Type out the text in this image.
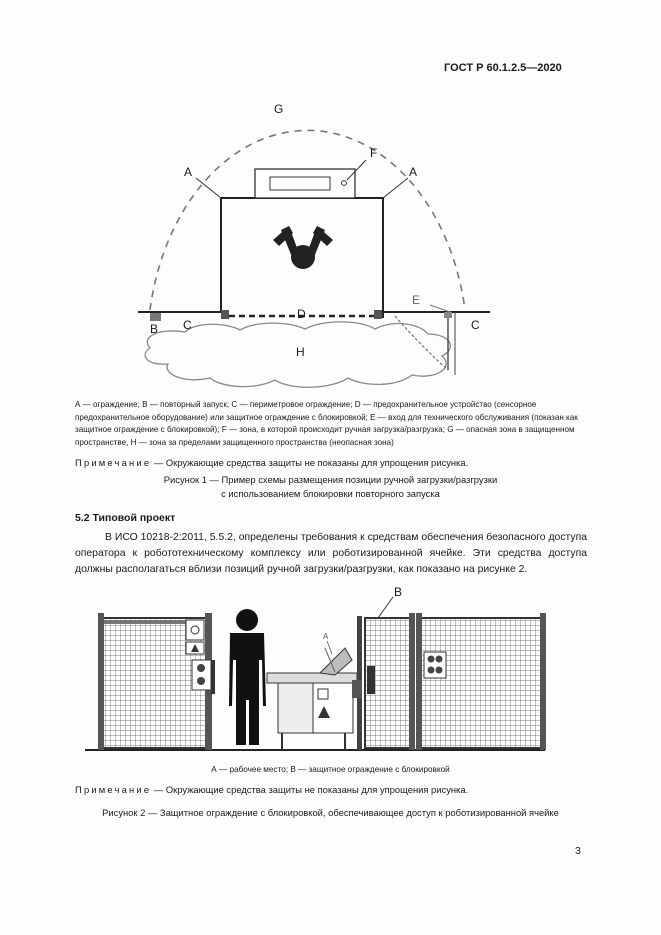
ГОСТ Р 60.1.2.5—2020
G
F
A	A
D
E
B C	C
H
А — ограждение; В — повторный запуск; С — периметровое ограждение; D — предохранительное устройство (сенсорное предохранительное оборудование) или защитное ограждение с блокировкой; Е — вход для технического обслуживания (показан как защитное ограждение с блокировкой); F — зона, в которой происходит ручная загрузка/разгрузка; G — опасная зона в защищенном пространстве, H — зона за пределами защищенного пространства (неопасная зона)
Примечание — Окружающие средства защиты не показаны для упрощения рисунка.
Рисунок 1 — Пример схемы размещения позиции ручной загрузки/разгрузки
с использованием блокировки повторного запуска
5.2 Типовой проект
В ИСО 10218-2:2011, 5.5.2, определены требования к средствам обеспечения безопасного доступа оператора к робототехническому комплексу или роботизированной ячейке. Эти средства доступа должны располагаться вблизи позиций ручной загрузки/разгрузки, как показано на рисунке 2.
B
A
А — рабочее место; В — защитное ограждение с блокировкой
Примечание — Окружающие средства защиты не показаны для упрощения рисунка.
Рисунок 2 — Защитное ограждение с блокировкой, обеспечивающее доступ к роботизированной ячейке
3
